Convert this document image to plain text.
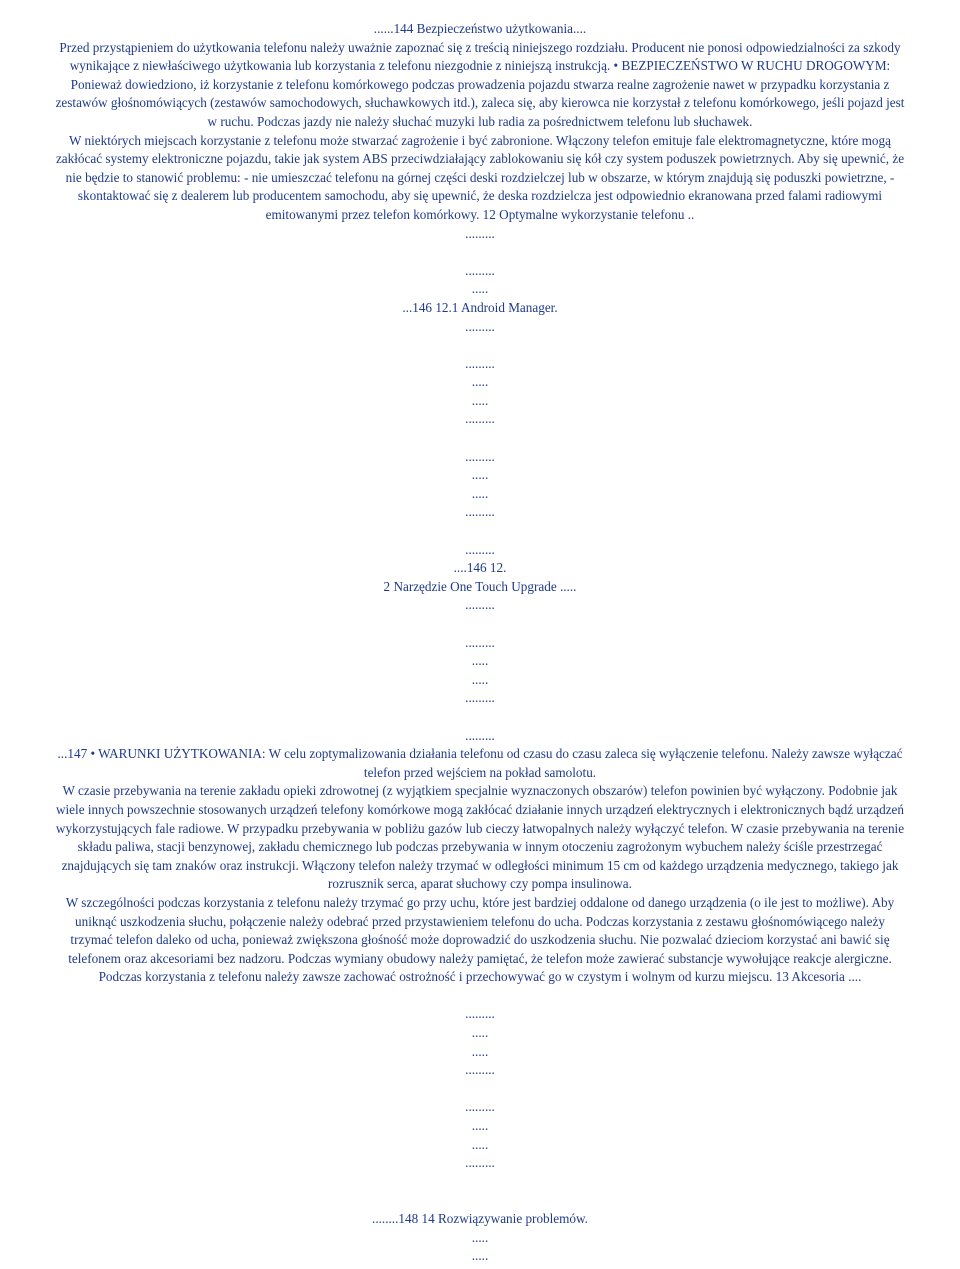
......144 Bezpieczeństwo użytkowania....
Przed przystąpieniem do użytkowania telefonu należy uważnie zapoznać się z treścią niniejszego rozdziału. Producent nie ponosi odpowiedzialności za szkody
wynikające z niewłaściwego użytkowania lub korzystania z telefonu niezgodnie z niniejszą instrukcją. • BEZPIECZEŃSTWO W RUCHU DROGOWYM:
Ponieważ dowiedziono, iż korzystanie z telefonu komórkowego podczas prowadzenia pojazdu stwarza realne zagrożenie nawet w przypadku korzystania z
zestawów głośnomówiących (zestawów samochodowych, słuchawkowych itd.), zaleca się, aby kierowca nie korzystał z telefonu komórkowego, jeśli pojazd jest
w ruchu. Podczas jazdy nie należy słuchać muzyki lub radia za pośrednictwem telefonu lub słuchawek.
W niektórych miejscach korzystanie z telefonu może stwarzać zagrożenie i być zabronione. Włączony telefon emituje fale elektromagnetyczne, które mogą
zakłócać systemy elektroniczne pojazdu, takie jak system ABS przeciwdziałający zablokowaniu się kół czy system poduszek powietrznych. Aby się upewnić, że
nie będzie to stanowić problemu: - nie umieszczać telefonu na górnej części deski rozdzielczej lub w obszarze, w którym znajdują się poduszki powietrzne, -
skontaktować się z dealerem lub producentem samochodu, aby się upewnić, że deska rozdzielcza jest odpowiednio ekranowana przed falami radiowymi
emitowanymi przez telefon komórkowy. 12 Optymalne wykorzystanie telefonu ..
.........
.........
.....
...146 12.1 Android Manager.
.........
.........
.....
.....
.........
.........
.....
.....
.........
.........
....146 12.
2 Narzędzie One Touch Upgrade .....
.........
.........
.....
.....
.........
.........
...147 • WARUNKI UŻYTKOWANIA: W celu zoptymalizowania działania telefonu od czasu do czasu zaleca się wyłączenie telefonu. Należy zawsze wyłączać
telefon przed wejściem na pokład samolotu.
W czasie przebywania na terenie zakładu opieki zdrowotnej (z wyjątkiem specjalnie wyznaczonych obszarów) telefon powinien być wyłączony. Podobnie jak
wiele innych powszechnie stosowanych urządzeń telefony komórkowe mogą zakłócać działanie innych urządzeń elektrycznych i elektronicznych bądź urządzeń
wykorzystujących fale radiowe. W przypadku przebywania w pobliżu gazów lub cieczy łatwopalnych należy wyłączyć telefon. W czasie przebywania na terenie
składu paliwa, stacji benzynowej, zakładu chemicznego lub podczas przebywania w innym otoczeniu zagrożonym wybuchem należy ściśle przestrzegać
znajdujących się tam znaków oraz instrukcji. Włączony telefon należy trzymać w odległości minimum 15 cm od każdego urządzenia medycznego, takiego jak
rozrusznik serca, aparat słuchowy czy pompa insulinowa.
W szczególności podczas korzystania z telefonu należy trzymać go przy uchu, które jest bardziej oddalone od danego urządzenia (o ile jest to możliwe). Aby
uniknąć uszkodzenia słuchu, połączenie należy odebrać przed przystawieniem telefonu do ucha. Podczas korzystania z zestawu głośnomówiącego należy
trzymać telefon daleko od ucha, ponieważ zwiększona głośność może doprowadzić do uszkodzenia słuchu. Nie pozwalać dzieciom korzystać ani bawić się
telefonem oraz akcesoriami bez nadzoru. Podczas wymiany obudowy należy pamiętać, że telefon może zawierać substancje wywołujące reakcje alergiczne.
Podczas korzystania z telefonu należy zawsze zachować ostrożność i przechowywać go w czystym i wolnym od kurzu miejscu. 13 Akcesoria ....
.........
.....
.....
.........
.........
.....
.....
.........
........148 14 Rozwiązywanie problemów.
.....
.....
